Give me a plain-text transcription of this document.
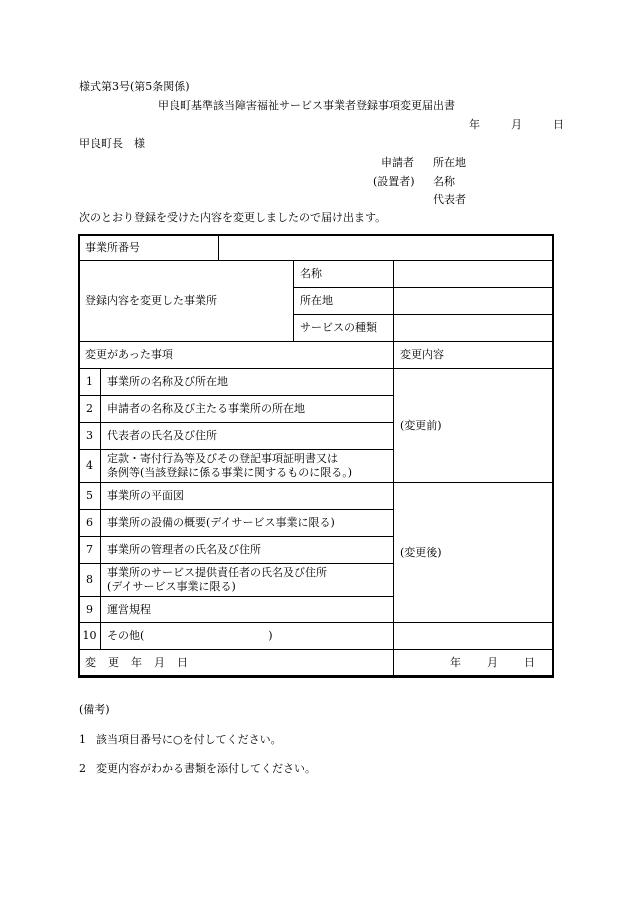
様式第3号(第5条関係)
甲良町基準該当障害福祉サービス事業者登録事項変更届出書
年	月	日
甲良町長　様
申請者 所在地
(設置者) 名称
代表者
次のとおり登録を受けた内容を変更しましたので届け出ます。
事業所番号				
登録内容を変更した事業所			名称	
			所在地	
			サービスの種類	
変更があった事項				変更内容
1	事業所の名称及び所在地			(変更前)
2	申請者の名称及び主たる事業所の所在地			
3	代表者の氏名及び住所			
4	定款・寄付行為等及びその登記事項証明書又は
条例等(当該登録に係る事業に関するものに限る。)			

5	事業所の平面図			(変更後)
6	事業所の設備の概要(デイサービス事業に限る)			
7	事業所の管理者の氏名及び住所			
8	事業所のサービス提供責任者の氏名及び住所
(デイサービス事業に限る)			

9	運営規程			
10	その他( )			
変 更 年 月 日				年 月 日
(備考)
1 該当項目番号に○を付してください。
2 変更内容がわかる書類を添付してください。
